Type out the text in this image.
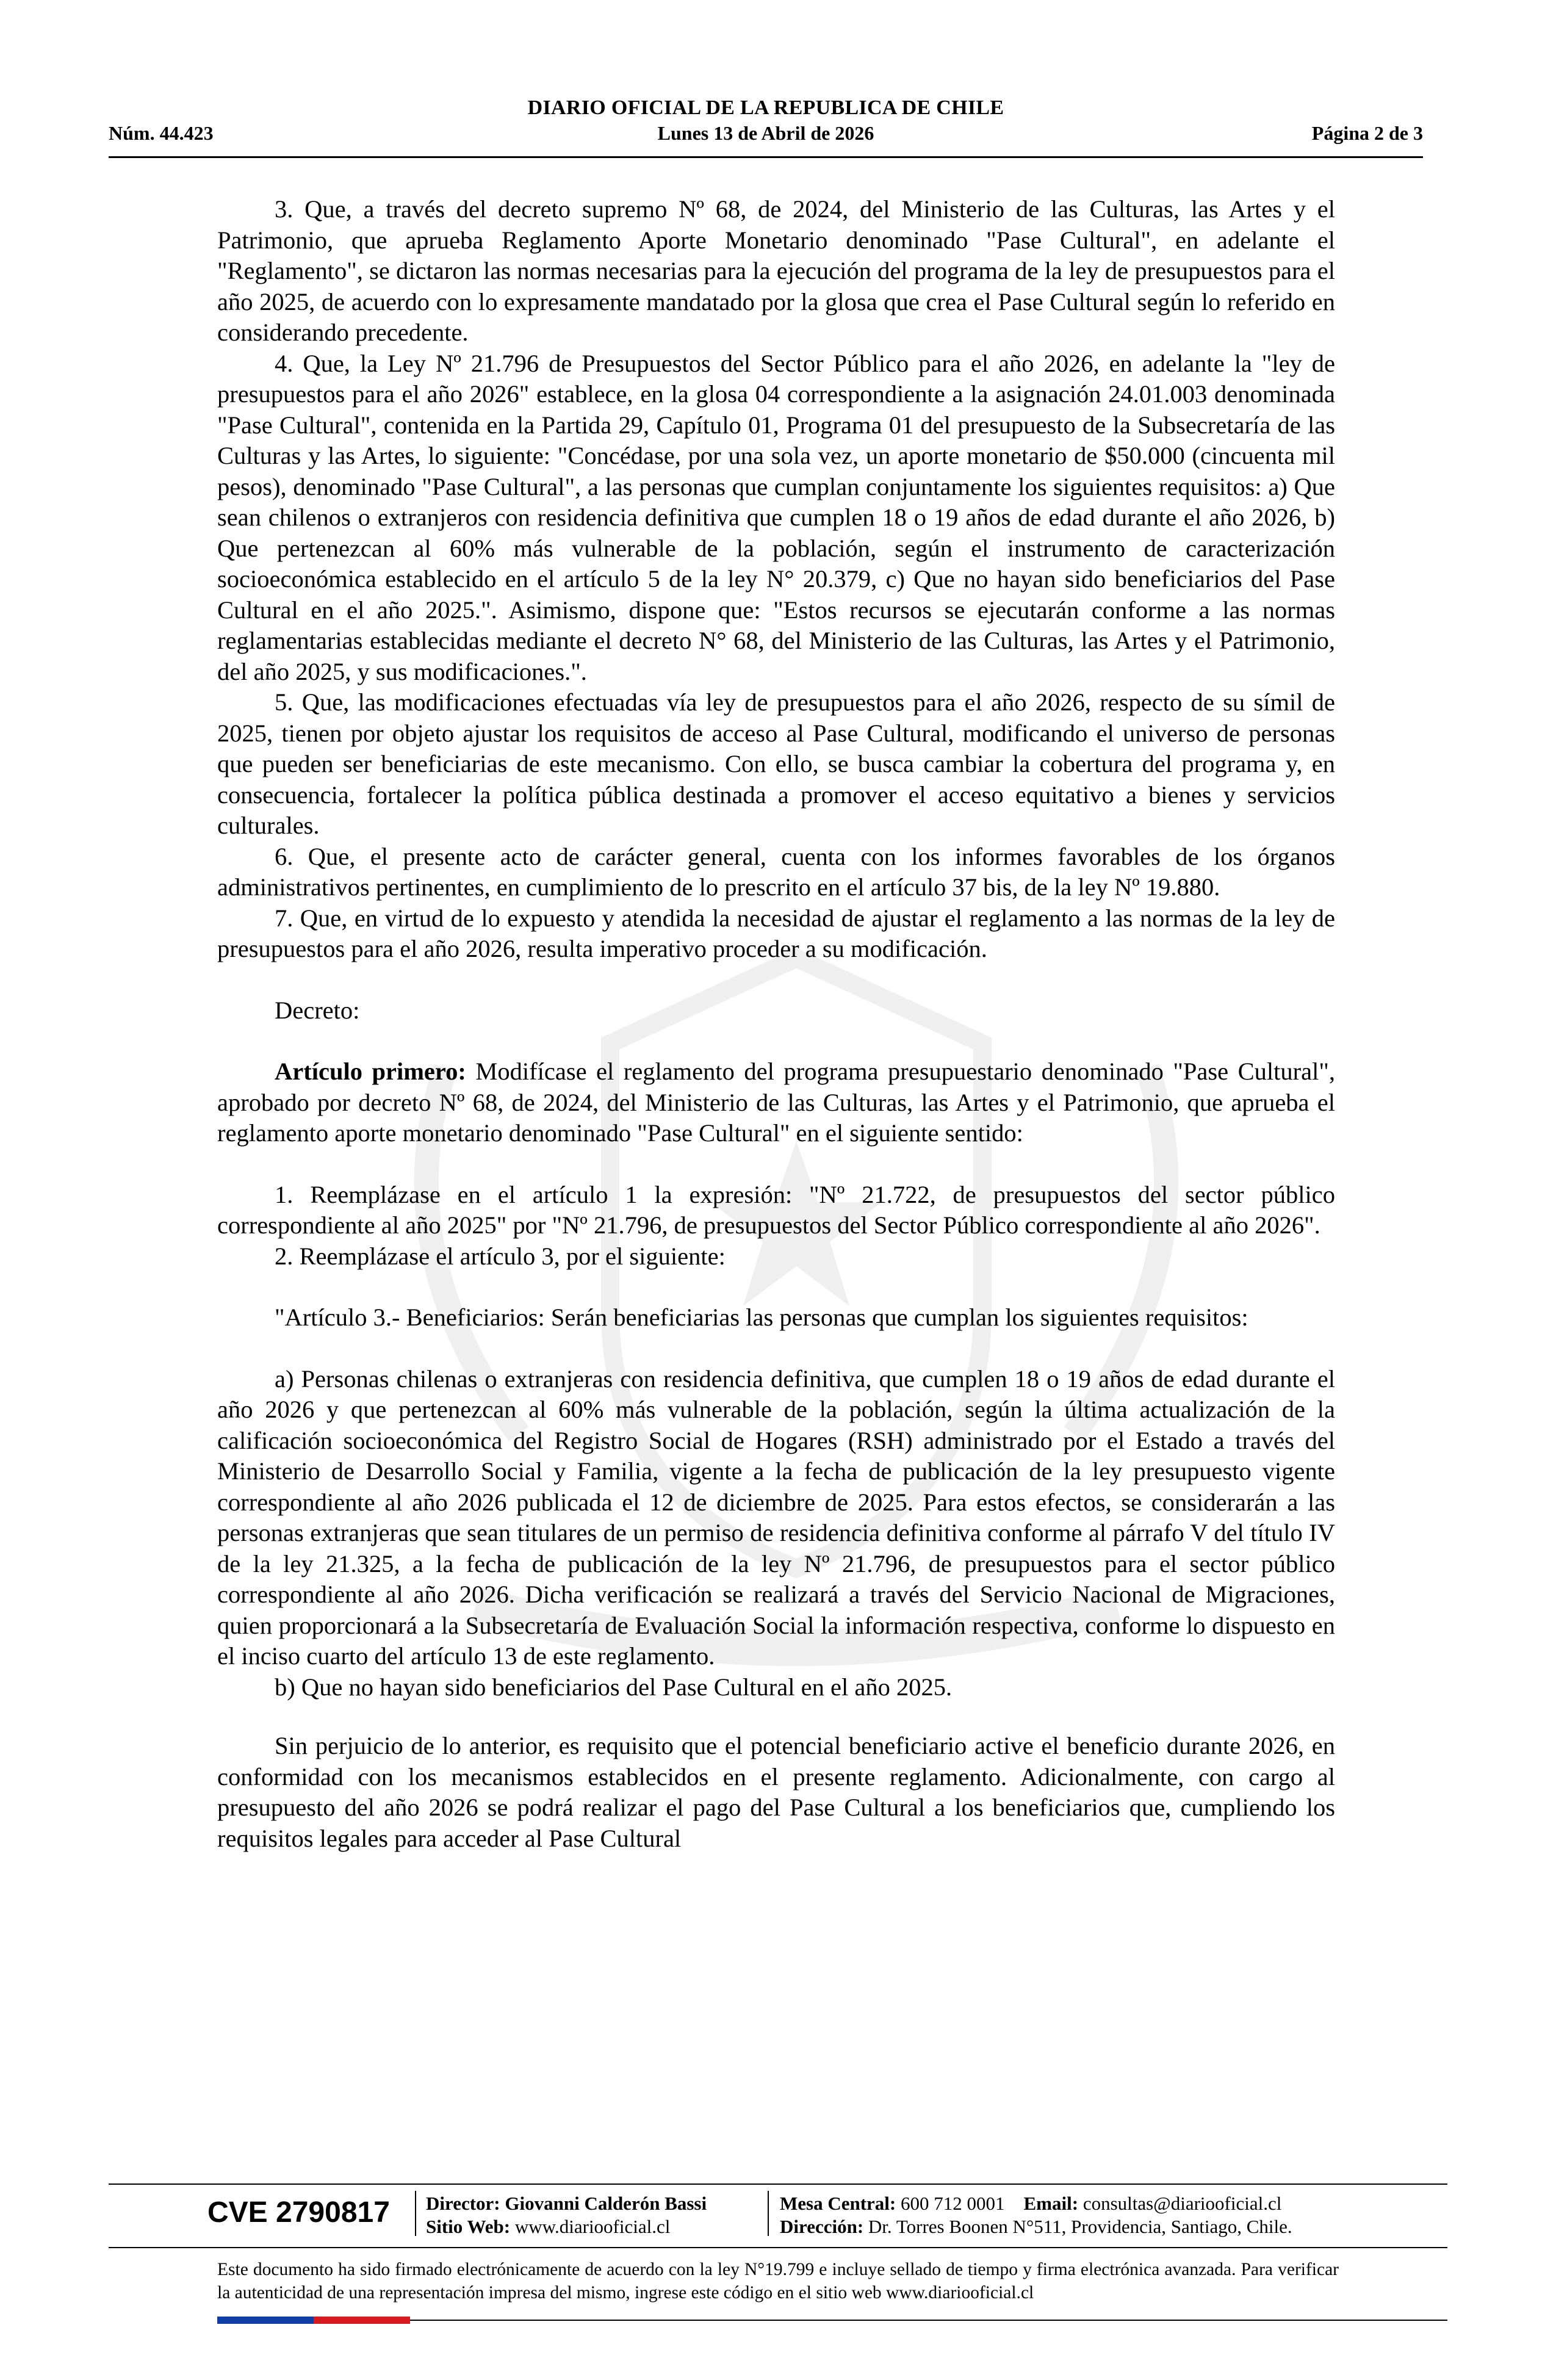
DIARIO OFICIAL DE LA REPUBLICA DE CHILE
Núm. 44.423	Lunes 13 de Abril de 2026	Página 2 de 3

3. Que, a través del decreto supremo Nº 68, de 2024, del Ministerio de las Culturas, las Artes y el Patrimonio, que aprueba Reglamento Aporte Monetario denominado "Pase Cultural", en adelante el "Reglamento", se dictaron las normas necesarias para la ejecución del programa de la ley de presupuestos para el año 2025, de acuerdo con lo expresamente mandatado por la glosa que crea el Pase Cultural según lo referido en considerando precedente.

4. Que, la Ley Nº 21.796 de Presupuestos del Sector Público para el año 2026, en adelante la "ley de presupuestos para el año 2026" establece, en la glosa 04 correspondiente a la asignación 24.01.003 denominada "Pase Cultural", contenida en la Partida 29, Capítulo 01, Programa 01 del presupuesto de la Subsecretaría de las Culturas y las Artes, lo siguiente: "Concédase, por una sola vez, un aporte monetario de $50.000 (cincuenta mil pesos), denominado "Pase Cultural", a las personas que cumplan conjuntamente los siguientes requisitos: a) Que sean chilenos o extranjeros con residencia definitiva que cumplen 18 o 19 años de edad durante el año 2026, b) Que pertenezcan al 60% más vulnerable de la población, según el instrumento de caracterización socioeconómica establecido en el artículo 5 de la ley N° 20.379, c) Que no hayan sido beneficiarios del Pase Cultural en el año 2025.". Asimismo, dispone que: "Estos recursos se ejecutarán conforme a las normas reglamentarias establecidas mediante el decreto N° 68, del Ministerio de las Culturas, las Artes y el Patrimonio, del año 2025, y sus modificaciones.".

5. Que, las modificaciones efectuadas vía ley de presupuestos para el año 2026, respecto de su símil de 2025, tienen por objeto ajustar los requisitos de acceso al Pase Cultural, modificando el universo de personas que pueden ser beneficiarias de este mecanismo. Con ello, se busca cambiar la cobertura del programa y, en consecuencia, fortalecer la política pública destinada a promover el acceso equitativo a bienes y servicios culturales.

6. Que, el presente acto de carácter general, cuenta con los informes favorables de los órganos administrativos pertinentes, en cumplimiento de lo prescrito en el artículo 37 bis, de la ley Nº 19.880.

7. Que, en virtud de lo expuesto y atendida la necesidad de ajustar el reglamento a las normas de la ley de presupuestos para el año 2026, resulta imperativo proceder a su modificación.

Decreto:

Artículo primero: Modifícase el reglamento del programa presupuestario denominado "Pase Cultural", aprobado por decreto Nº 68, de 2024, del Ministerio de las Culturas, las Artes y el Patrimonio, que aprueba el reglamento aporte monetario denominado "Pase Cultural" en el siguiente sentido:

1. Reemplázase en el artículo 1 la expresión: "Nº 21.722, de presupuestos del sector público correspondiente al año 2025" por "Nº 21.796, de presupuestos del Sector Público correspondiente al año 2026".

2. Reemplázase el artículo 3, por el siguiente:

"Artículo 3.- Beneficiarios: Serán beneficiarias las personas que cumplan los siguientes requisitos:

a) Personas chilenas o extranjeras con residencia definitiva, que cumplen 18 o 19 años de edad durante el año 2026 y que pertenezcan al 60% más vulnerable de la población, según la última actualización de la calificación socioeconómica del Registro Social de Hogares (RSH) administrado por el Estado a través del Ministerio de Desarrollo Social y Familia, vigente a la fecha de publicación de la ley presupuesto vigente correspondiente al año 2026 publicada el 12 de diciembre de 2025. Para estos efectos, se considerarán a las personas extranjeras que sean titulares de un permiso de residencia definitiva conforme al párrafo V del título IV de la ley 21.325, a la fecha de publicación de la ley Nº 21.796, de presupuestos para el sector público correspondiente al año 2026. Dicha verificación se realizará a través del Servicio Nacional de Migraciones, quien proporcionará a la Subsecretaría de Evaluación Social la información respectiva, conforme lo dispuesto en el inciso cuarto del artículo 13 de este reglamento.

b) Que no hayan sido beneficiarios del Pase Cultural en el año 2025.

Sin perjuicio de lo anterior, es requisito que el potencial beneficiario active el beneficio durante 2026, en conformidad con los mecanismos establecidos en el presente reglamento. Adicionalmente, con cargo al presupuesto del año 2026 se podrá realizar el pago del Pase Cultural a los beneficiarios que, cumpliendo los requisitos legales para acceder al Pase Cultural

CVE 2790817 Director: Giovanni Calderón Bassi
Sitio Web: www.diariooficial.cl
Mesa Central: 600 712 0001 Email: consultas@diariooficial.cl
Dirección: Dr. Torres Boonen N°511, Providencia, Santiago, Chile.
Este documento ha sido firmado electrónicamente de acuerdo con la ley N°19.799 e incluye sellado de tiempo y firma electrónica avanzada. Para verificar la autenticidad de una representación impresa del mismo, ingrese este código en el sitio web www.diariooficial.cl
